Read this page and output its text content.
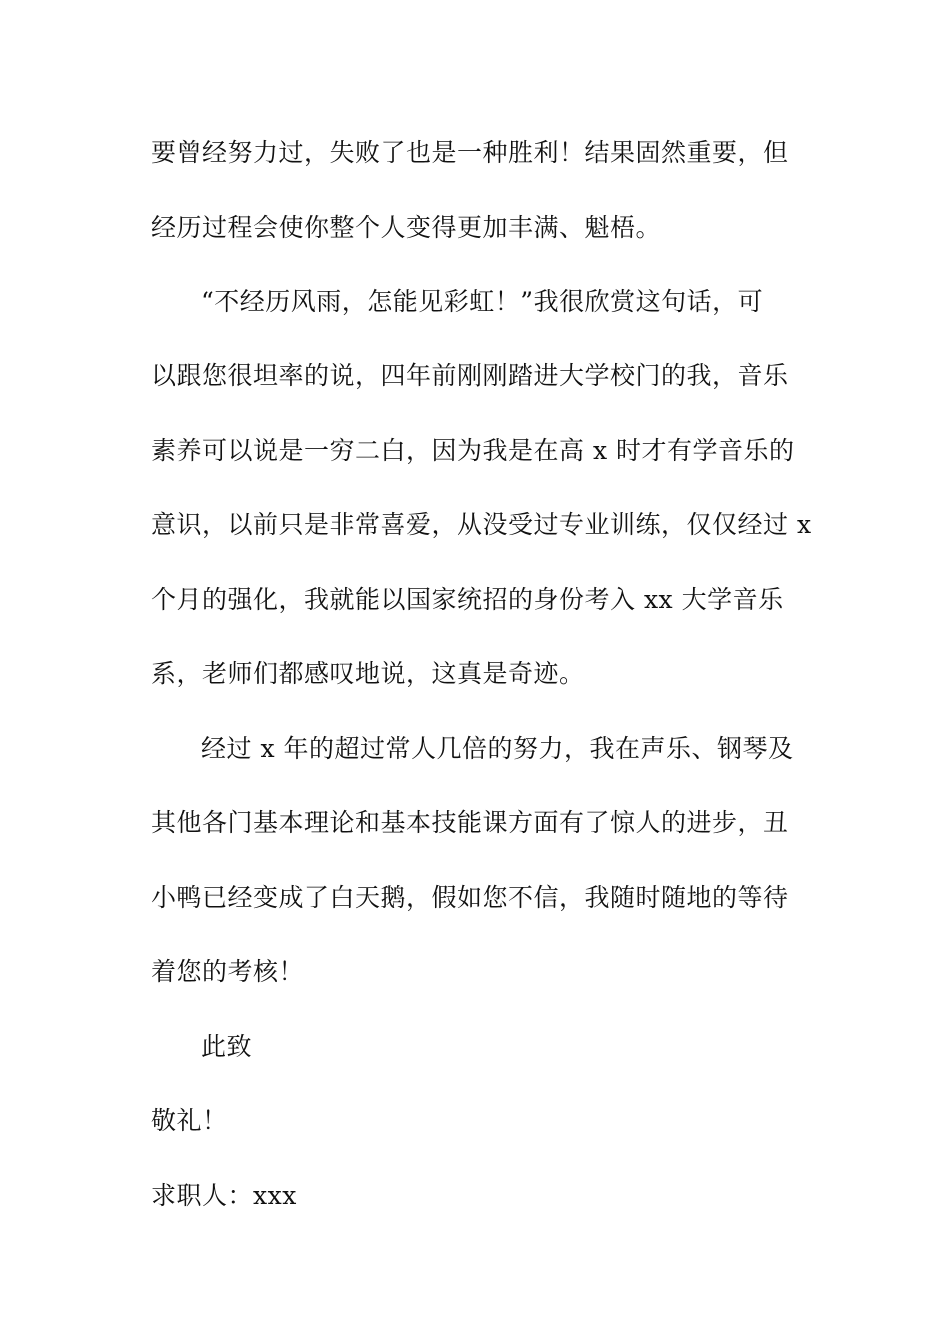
要曾经努力过，失败了也是一种胜利！结果固然重要，但
经历过程会使你整个人变得更加丰满、魁梧。
“不经历风雨，怎能见彩虹！”我很欣赏这句话，可
以跟您很坦率的说，四年前刚刚踏进大学校门的我，音乐
素养可以说是一穷二白，因为我是在高 x 时才有学音乐的
意识，以前只是非常喜爱，从没受过专业训练，仅仅经过 x
个月的强化，我就能以国家统招的身份考入 xx 大学音乐
系，老师们都感叹地说，这真是奇迹。
经过 x 年的超过常人几倍的努力，我在声乐、钢琴及
其他各门基本理论和基本技能课方面有了惊人的进步，丑
小鸭已经变成了白天鹅，假如您不信，我随时随地的等待
着您的考核！
此致
敬礼！
求职人：xxx
